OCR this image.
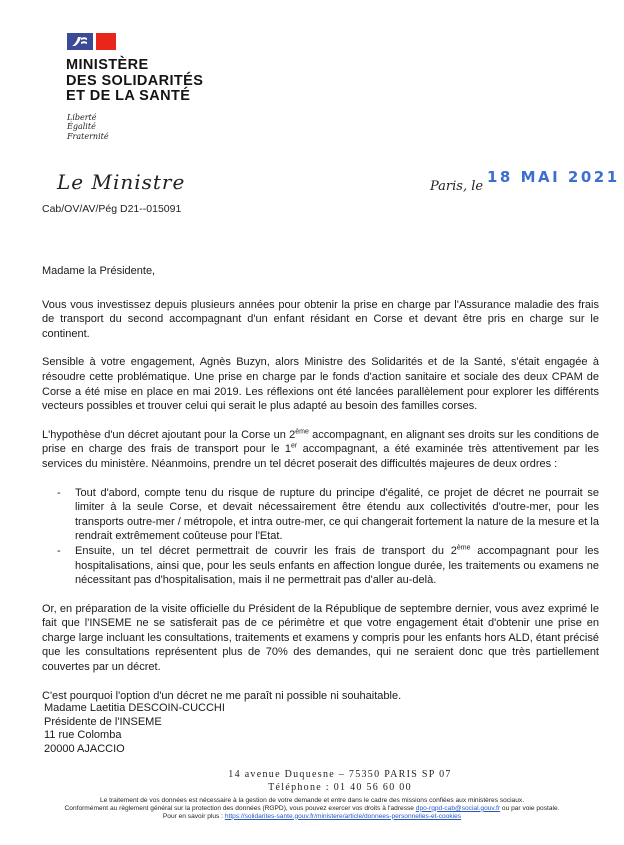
MINISTÈRE
DES SOLIDARITÉS
ET DE LA SANTÉ
Liberté
Égalité
Fraternité
Le Ministre	Paris, le
18 MAI 2021
Cab/OV/AV/Pég D21--015091

Madame la Présidente,

Vous vous investissez depuis plusieurs années pour obtenir la prise en charge par l'Assurance maladie des frais de transport du second accompagnant d'un enfant résidant en Corse et devant être pris en charge sur le continent.

Sensible à votre engagement, Agnès Buzyn, alors Ministre des Solidarités et de la Santé, s'était engagée à résoudre cette problématique. Une prise en charge par le fonds d'action sanitaire et sociale des deux CPAM de Corse a été mise en place en mai 2019. Les réflexions ont été lancées parallèlement pour explorer les différents vecteurs possibles et trouver celui qui serait le plus adapté au besoin des familles corses.

L'hypothèse d'un décret ajoutant pour la Corse un 2ème accompagnant, en alignant ses droits sur les conditions de prise en charge des frais de transport pour le 1er accompagnant, a été examinée très attentivement par les services du ministère. Néanmoins, prendre un tel décret poserait des difficultés majeures de deux ordres :

- Tout d'abord, compte tenu du risque de rupture du principe d'égalité, ce projet de décret ne pourrait se limiter à la seule Corse, et devait nécessairement être étendu aux collectivités d'outre-mer, pour les transports outre-mer / métropole, et intra outre-mer, ce qui changerait fortement la nature de la mesure et la rendrait extrêmement coûteuse pour l'Etat.
- Ensuite, un tel décret permettrait de couvrir les frais de transport du 2ème accompagnant pour les hospitalisations, ainsi que, pour les seuls enfants en affection longue durée, les traitements ou examens ne nécessitant pas d'hospitalisation, mais il ne permettrait pas d'aller au-delà.

Or, en préparation de la visite officielle du Président de la République de septembre dernier, vous avez exprimé le fait que l'INSEME ne se satisferait pas de ce périmètre et que votre engagement était d'obtenir une prise en charge large incluant les consultations, traitements et examens y compris pour les enfants hors ALD, étant précisé que les consultations représentent plus de 70% des demandes, qui ne seraient donc que très partiellement couvertes par un décret.

C'est pourquoi l'option d'un décret ne me paraît ni possible ni souhaitable.

Madame Laetitia DESCOIN-CUCCHI
Présidente de l'INSEME
11 rue Colomba
20000 AJACCIO
14 avenue Duquesne – 75350 PARIS SP 07
Téléphone : 01 40 56 60 00
Le traitement de vos données est nécessaire à la gestion de votre demande et entre dans le cadre des missions confiées aux ministères sociaux.
Conformément au règlement général sur la protection des données (RGPD), vous pouvez exercer vos droits à l'adresse dpo-rgpd-cab@social.gouv.fr ou par voie postale.
Pour en savoir plus : https://solidarites-sante.gouv.fr/ministere/article/donnees-personnelles-et-cookies
